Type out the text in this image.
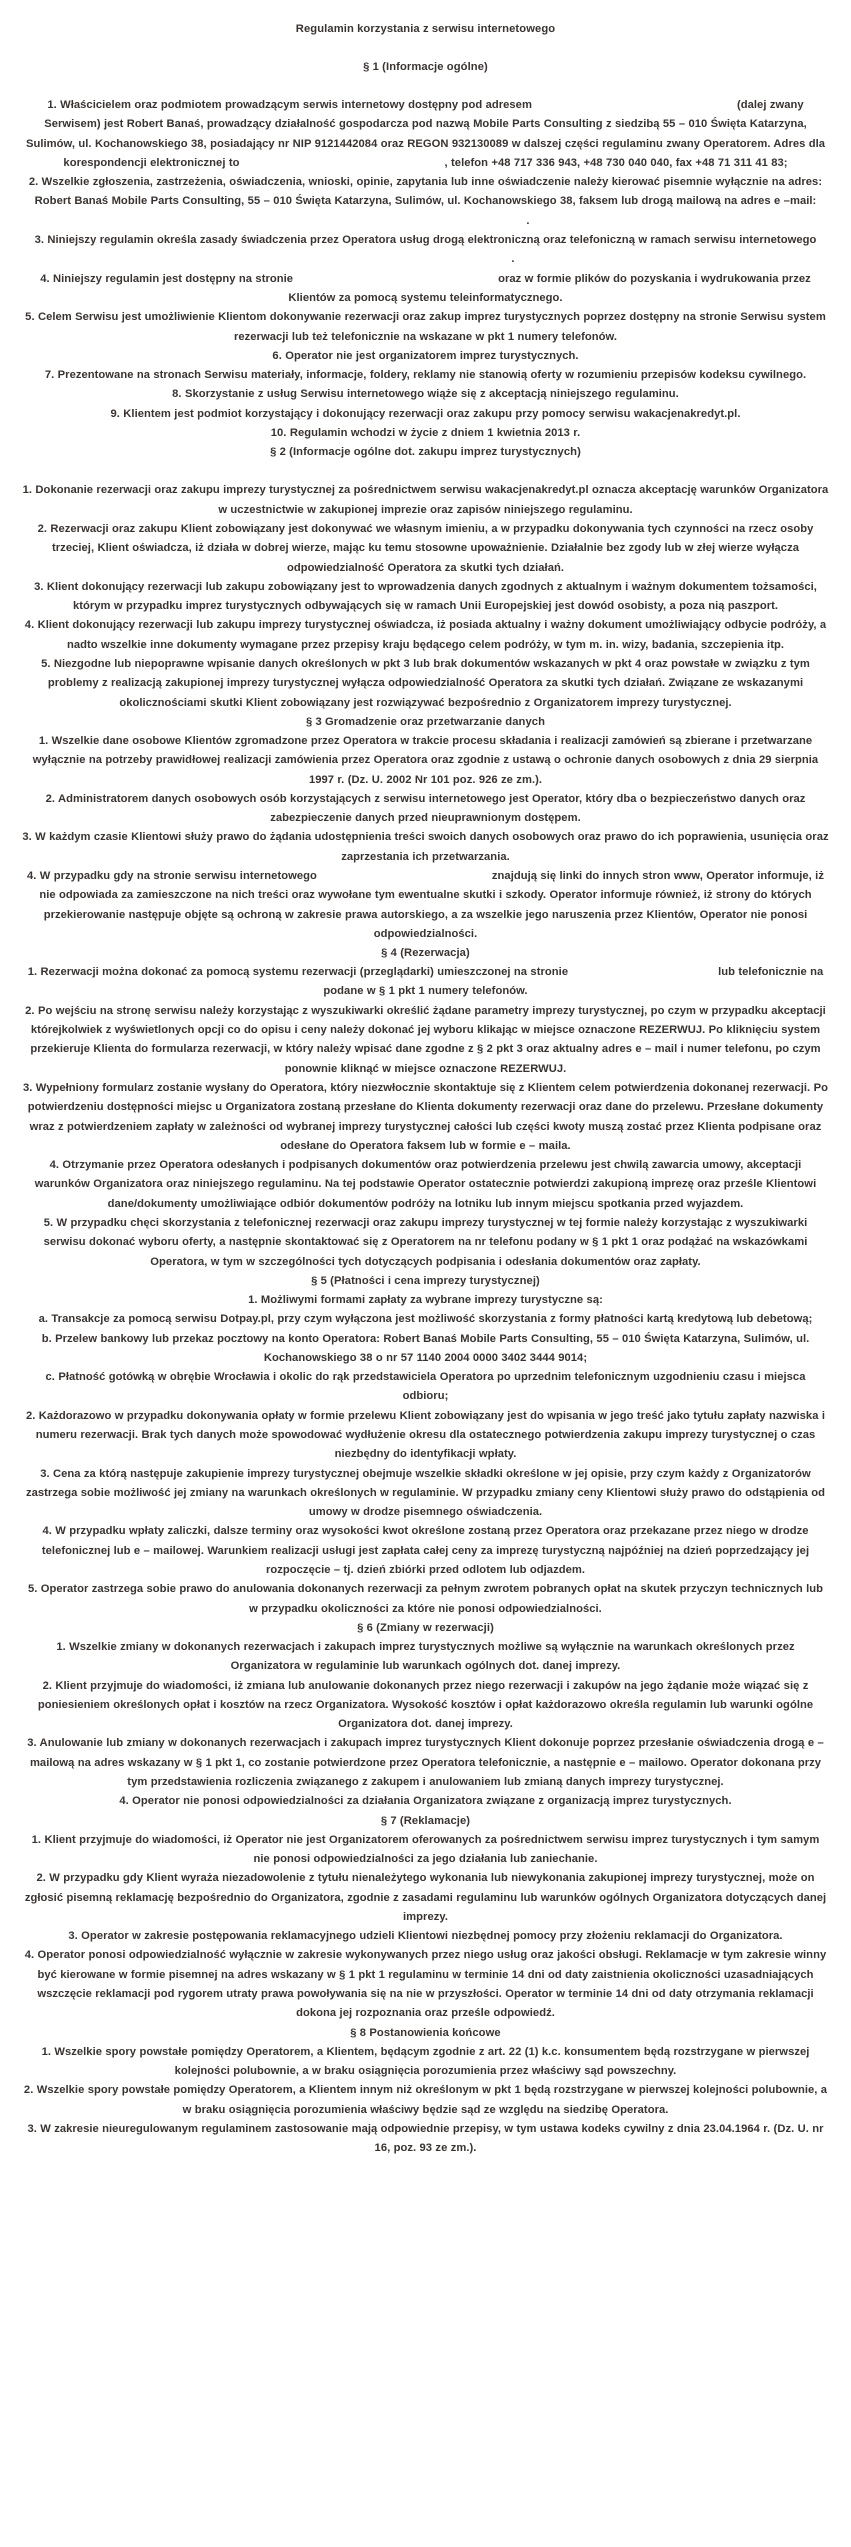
Regulamin korzystania z serwisu internetowego
§ 1 (Informacje ogólne)

1. Właścicielem oraz podmiotem prowadzącym serwis internetowy dostępny pod adresem	(dalej zwany Serwisem) jest Robert Banaś, prowadzący działalność gospodarcza pod nazwą Mobile Parts Consulting z siedzibą 55 – 010 Święta Katarzyna, Sulimów, ul. Kochanowskiego 38, posiadający nr NIP 9121442084 oraz REGON 932130089 w dalszej części regulaminu zwany Operatorem. Adres dla korespondencji elektronicznej to	, telefon +48 717 336 943, +48 730 040 040, fax +48 71 311 41 83;

2. Wszelkie zgłoszenia, zastrzeżenia, oświadczenia, wnioski, opinie, zapytania lub inne oświadczenie należy kierować pisemnie wyłącznie na adres: Robert Banaś Mobile Parts Consulting, 55 – 010 Święta Katarzyna, Sulimów, ul. Kochanowskiego 38, faksem lub drogą mailową na adres e –mail:.

3. Niniejszy regulamin określa zasady świadczenia przez Operatora usług drogą elektroniczną oraz telefoniczną w ramach serwisu internetowego.

4. Niniejszy regulamin jest dostępny na stronie	oraz w formie plików do pozyskania i wydrukowania przez Klientów za pomocą systemu teleinformatycznego.

5. Celem Serwisu jest umożliwienie Klientom dokonywanie rezerwacji oraz zakup imprez turystycznych poprzez dostępny na stronie Serwisu system rezerwacji lub też telefonicznie na wskazane w pkt 1 numery telefonów.

6. Operator nie jest organizatorem imprez turystycznych.

7. Prezentowane na stronach Serwisu materiały, informacje, foldery, reklamy nie stanowią oferty w rozumieniu przepisów kodeksu cywilnego.

8. Skorzystanie z usług Serwisu internetowego wiąże się z akceptacją niniejszego regulaminu.

9. Klientem jest podmiot korzystający i dokonujący rezerwacji oraz zakupu przy pomocy serwisu wakacjenakredyt.pl.

10. Regulamin wchodzi w życie z dniem 1 kwietnia 2013 r.

§ 2 (Informacje ogólne dot. zakupu imprez turystycznych)

1. Dokonanie rezerwacji oraz zakupu imprezy turystycznej za pośrednictwem serwisu wakacjenakredyt.pl oznacza akceptację warunków Organizatora w uczestnictwie w zakupionej imprezie oraz zapisów niniejszego regulaminu.

2. Rezerwacji oraz zakupu Klient zobowiązany jest dokonywać we własnym imieniu, a w przypadku dokonywania tych czynności na rzecz osoby trzeciej, Klient oświadcza, iż działa w dobrej wierze, mając ku temu stosowne upoważnienie. Działalnie bez zgody lub w złej wierze wyłącza odpowiedzialność Operatora za skutki tych działań.

3. Klient dokonujący rezerwacji lub zakupu zobowiązany jest to wprowadzenia danych zgodnych z aktualnym i ważnym dokumentem tożsamości, którym w przypadku imprez turystycznych odbywających się w ramach Unii Europejskiej jest dowód osobisty, a poza nią paszport.

4. Klient dokonujący rezerwacji lub zakupu imprezy turystycznej oświadcza, iż posiada aktualny i ważny dokument umożliwiający odbycie podróży, a nadto wszelkie inne dokumenty wymagane przez przepisy kraju będącego celem podróży, w tym m. in. wizy, badania, szczepienia itp.

5. Niezgodne lub niepoprawne wpisanie danych określonych w pkt 3 lub brak dokumentów wskazanych w pkt 4 oraz powstałe w związku z tym problemy z realizacją zakupionej imprezy turystycznej wyłącza odpowiedzialność Operatora za skutki tych działań. Związane ze wskazanymi okolicznościami skutki Klient zobowiązany jest rozwiązywać bezpośrednio z Organizatorem imprezy turystycznej.

§ 3 Gromadzenie oraz przetwarzanie danych

1. Wszelkie dane osobowe Klientów zgromadzone przez Operatora w trakcie procesu składania i realizacji zamówień są zbierane i przetwarzane wyłącznie na potrzeby prawidłowej realizacji zamówienia przez Operatora oraz zgodnie z ustawą o ochronie danych osobowych z dnia 29 sierpnia 1997 r. (Dz. U. 2002 Nr 101 poz. 926 ze zm.).

2. Administratorem danych osobowych osób korzystających z serwisu internetowego jest Operator, który dba o bezpieczeństwo danych oraz zabezpieczenie danych przed nieuprawnionym dostępem.

3. W każdym czasie Klientowi służy prawo do żądania udostępnienia treści swoich danych osobowych oraz prawo do ich poprawienia, usunięcia oraz zaprzestania ich przetwarzania.

4. W przypadku gdy na stronie serwisu internetowego	znajdują się linki do innych stron www, Operator informuje, iż nie odpowiada za zamieszczone na nich treści oraz wywołane tym ewentualne skutki i szkody. Operator informuje również, iż strony do których przekierowanie następuje objęte są ochroną w zakresie prawa autorskiego, a za wszelkie jego naruszenia przez Klientów, Operator nie ponosi odpowiedzialności.

§ 4 (Rezerwacja)

1. Rezerwacji można dokonać za pomocą systemu rezerwacji (przeglądarki) umieszczonej na stronie	lub telefonicznie na podane w § 1 pkt 1 numery telefonów.

2. Po wejściu na stronę serwisu należy korzystając z wyszukiwarki określić żądane parametry imprezy turystycznej, po czym w przypadku akceptacji którejkolwiek z wyświetlonych opcji co do opisu i ceny należy dokonać jej wyboru klikając w miejsce oznaczone REZERWUJ. Po kliknięciu system przekieruje Klienta do formularza rezerwacji, w który należy wpisać dane zgodne z § 2 pkt 3 oraz aktualny adres e – mail i numer telefonu, po czym ponownie kliknąć w miejsce oznaczone REZERWUJ.

3. Wypełniony formularz zostanie wysłany do Operatora, który niezwłocznie skontaktuje się z Klientem celem potwierdzenia dokonanej rezerwacji. Po potwierdzeniu dostępności miejsc u Organizatora zostaną przesłane do Klienta dokumenty rezerwacji oraz dane do przelewu. Przesłane dokumenty wraz z potwierdzeniem zapłaty w zależności od wybranej imprezy turystycznej całości lub części kwoty muszą zostać przez Klienta podpisane oraz odesłane do Operatora faksem lub w formie e – maila.

4. Otrzymanie przez Operatora odesłanych i podpisanych dokumentów oraz potwierdzenia przelewu jest chwilą zawarcia umowy, akceptacji warunków Organizatora oraz niniejszego regulaminu. Na tej podstawie Operator ostatecznie potwierdzi zakupioną imprezę oraz prześle Klientowi dane/dokumenty umożliwiające odbiór dokumentów podróży na lotniku lub innym miejscu spotkania przed wyjazdem.

5. W przypadku chęci skorzystania z telefonicznej rezerwacji oraz zakupu imprezy turystycznej w tej formie należy korzystając z wyszukiwarki serwisu dokonać wyboru oferty, a następnie skontaktować się z Operatorem na nr telefonu podany w § 1 pkt 1 oraz podążać na wskazówkami Operatora, w tym w szczególności tych dotyczących podpisania i odesłania dokumentów oraz zapłaty.

§ 5 (Płatności i cena imprezy turystycznej)

1. Możliwymi formami zapłaty za wybrane imprezy turystyczne są:

a. Transakcje za pomocą serwisu Dotpay.pl, przy czym wyłączona jest możliwość skorzystania z formy płatności kartą kredytową lub debetową;

b. Przelew bankowy lub przekaz pocztowy na konto Operatora: Robert Banaś Mobile Parts Consulting, 55 – 010 Święta Katarzyna, Sulimów, ul. Kochanowskiego 38 o nr 57 1140 2004 0000 3402 3444 9014;

c. Płatność gotówką w obrębie Wrocławia i okolic do rąk przedstawiciela Operatora po uprzednim telefonicznym uzgodnieniu czasu i miejsca odbioru;

2. Każdorazowo w przypadku dokonywania opłaty w formie przelewu Klient zobowiązany jest do wpisania w jego treść jako tytułu zapłaty nazwiska i numeru rezerwacji. Brak tych danych może spowodować wydłużenie okresu dla ostatecznego potwierdzenia zakupu imprezy turystycznej o czas niezbędny do identyfikacji wpłaty.

3. Cena za którą następuje zakupienie imprezy turystycznej obejmuje wszelkie składki określone w jej opisie, przy czym każdy z Organizatorów zastrzega sobie możliwość jej zmiany na warunkach określonych w regulaminie. W przypadku zmiany ceny Klientowi służy prawo do odstąpienia od umowy w drodze pisemnego oświadczenia.

4. W przypadku wpłaty zaliczki, dalsze terminy oraz wysokości kwot określone zostaną przez Operatora oraz przekazane przez niego w drodze telefonicznej lub e – mailowej. Warunkiem realizacji usługi jest zapłata całej ceny za imprezę turystyczną najpóźniej na dzień poprzedzający jej rozpoczęcie – tj. dzień zbiórki przed odlotem lub odjazdem.

5. Operator zastrzega sobie prawo do anulowania dokonanych rezerwacji za pełnym zwrotem pobranych opłat na skutek przyczyn technicznych lub w przypadku okoliczności za które nie ponosi odpowiedzialności.

§ 6 (Zmiany w rezerwacji)

1. Wszelkie zmiany w dokonanych rezerwacjach i zakupach imprez turystycznych możliwe są wyłącznie na warunkach określonych przez Organizatora w regulaminie lub warunkach ogólnych dot. danej imprezy.

2. Klient przyjmuje do wiadomości, iż zmiana lub anulowanie dokonanych przez niego rezerwacji i zakupów na jego żądanie może wiązać się z poniesieniem określonych opłat i kosztów na rzecz Organizatora. Wysokość kosztów i opłat każdorazowo określa regulamin lub warunki ogólne Organizatora dot. danej imprezy.

3. Anulowanie lub zmiany w dokonanych rezerwacjach i zakupach imprez turystycznych Klient dokonuje poprzez przesłanie oświadczenia drogą e – mailową na adres wskazany w § 1 pkt 1, co zostanie potwierdzone przez Operatora telefonicznie, a następnie e – mailowo. Operator dokonana przy tym przedstawienia rozliczenia związanego z zakupem i anulowaniem lub zmianą danych imprezy turystycznej.

4. Operator nie ponosi odpowiedzialności za działania Organizatora związane z organizacją imprez turystycznych.

§ 7 (Reklamacje)

1. Klient przyjmuje do wiadomości, iż Operator nie jest Organizatorem oferowanych za pośrednictwem serwisu imprez turystycznych i tym samym nie ponosi odpowiedzialności za jego działania lub zaniechanie.

2. W przypadku gdy Klient wyraża niezadowolenie z tytułu nienależytego wykonania lub niewykonania zakupionej imprezy turystycznej, może on zgłosić pisemną reklamację bezpośrednio do Organizatora, zgodnie z zasadami regulaminu lub warunków ogólnych Organizatora dotyczących danej imprezy.

3. Operator w zakresie postępowania reklamacyjnego udzieli Klientowi niezbędnej pomocy przy złożeniu reklamacji do Organizatora.

4. Operator ponosi odpowiedzialność wyłącznie w zakresie wykonywanych przez niego usług oraz jakości obsługi. Reklamacje w tym zakresie winny być kierowane w formie pisemnej na adres wskazany w § 1 pkt 1 regulaminu w terminie 14 dni od daty zaistnienia okoliczności uzasadniających wszczęcie reklamacji pod rygorem utraty prawa powoływania się na nie w przyszłości. Operator w terminie 14 dni od daty otrzymania reklamacji dokona jej rozpoznania oraz prześle odpowiedź.

§ 8 Postanowienia końcowe

1. Wszelkie spory powstałe pomiędzy Operatorem, a Klientem, będącym zgodnie z art. 22 (1) k.c. konsumentem będą rozstrzygane w pierwszej kolejności polubownie, a w braku osiągnięcia porozumienia przez właściwy sąd powszechny.

2. Wszelkie spory powstałe pomiędzy Operatorem, a Klientem innym niż określonym w pkt 1 będą rozstrzygane w pierwszej kolejności polubownie, a w braku osiągnięcia porozumienia właściwy będzie sąd ze względu na siedzibę Operatora.

3. W zakresie nieuregulowanym regulaminem zastosowanie mają odpowiednie przepisy, w tym ustawa kodeks cywilny z dnia 23.04.1964 r. (Dz. U. nr 16, poz. 93 ze zm.).
